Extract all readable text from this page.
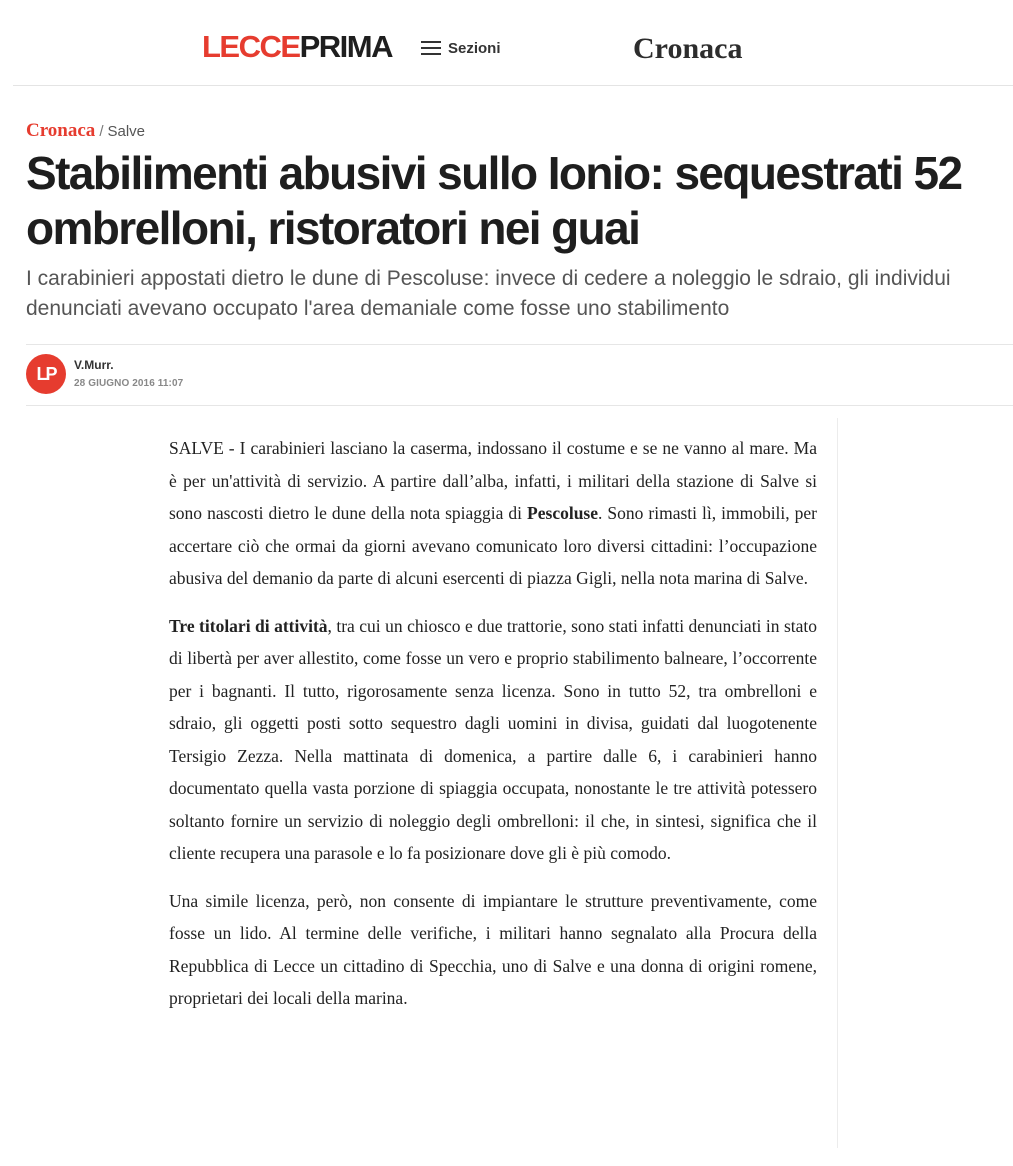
LECCEPRIMA	Sezioni	Cronaca
Cronaca / Salve
Stabilimenti abusivi sullo Ionio: sequestrati 52 ombrelloni, ristoratori nei guai

I carabinieri appostati dietro le dune di Pescoluse: invece di cedere a noleggio le sdraio, gli individui denunciati avevano occupato l'area demaniale come fosse uno stabilimento

LP	V.Murr.
28 GIUGNO 2016 11:07

SALVE - I carabinieri lasciano la caserma, indossano il costume e se ne vanno al mare. Ma è per un'attività di servizio. A partire dall’alba, infatti, i militari della stazione di Salve si sono nascosti dietro le dune della nota spiaggia di Pescoluse. Sono rimasti lì, immobili, per accertare ciò che ormai da giorni avevano comunicato loro diversi cittadini: l’occupazione abusiva del demanio da parte di alcuni esercenti di piazza Gigli, nella nota marina di Salve.

Tre titolari di attività, tra cui un chiosco e due trattorie, sono stati infatti denunciati in stato di libertà per aver allestito, come fosse un vero e proprio stabilimento balneare, l’occorrente per i bagnanti. Il tutto, rigorosamente senza licenza. Sono in tutto 52, tra ombrelloni e sdraio, gli oggetti posti sotto sequestro dagli uomini in divisa, guidati dal luogotenente Tersigio Zezza. Nella mattinata di domenica, a partire dalle 6, i carabinieri hanno documentato quella vasta porzione di spiaggia occupata, nonostante le tre attività potessero soltanto fornire un servizio di noleggio degli ombrelloni: il che, in sintesi, significa che il cliente recupera una parasole e lo fa posizionare dove gli è più comodo.

Una simile licenza, però, non consente di impiantare le strutture preventivamente, come fosse un lido. Al termine delle verifiche, i militari hanno segnalato alla Procura della Repubblica di Lecce un cittadino di Specchia, uno di Salve e una donna di origini romene, proprietari dei locali della marina.
